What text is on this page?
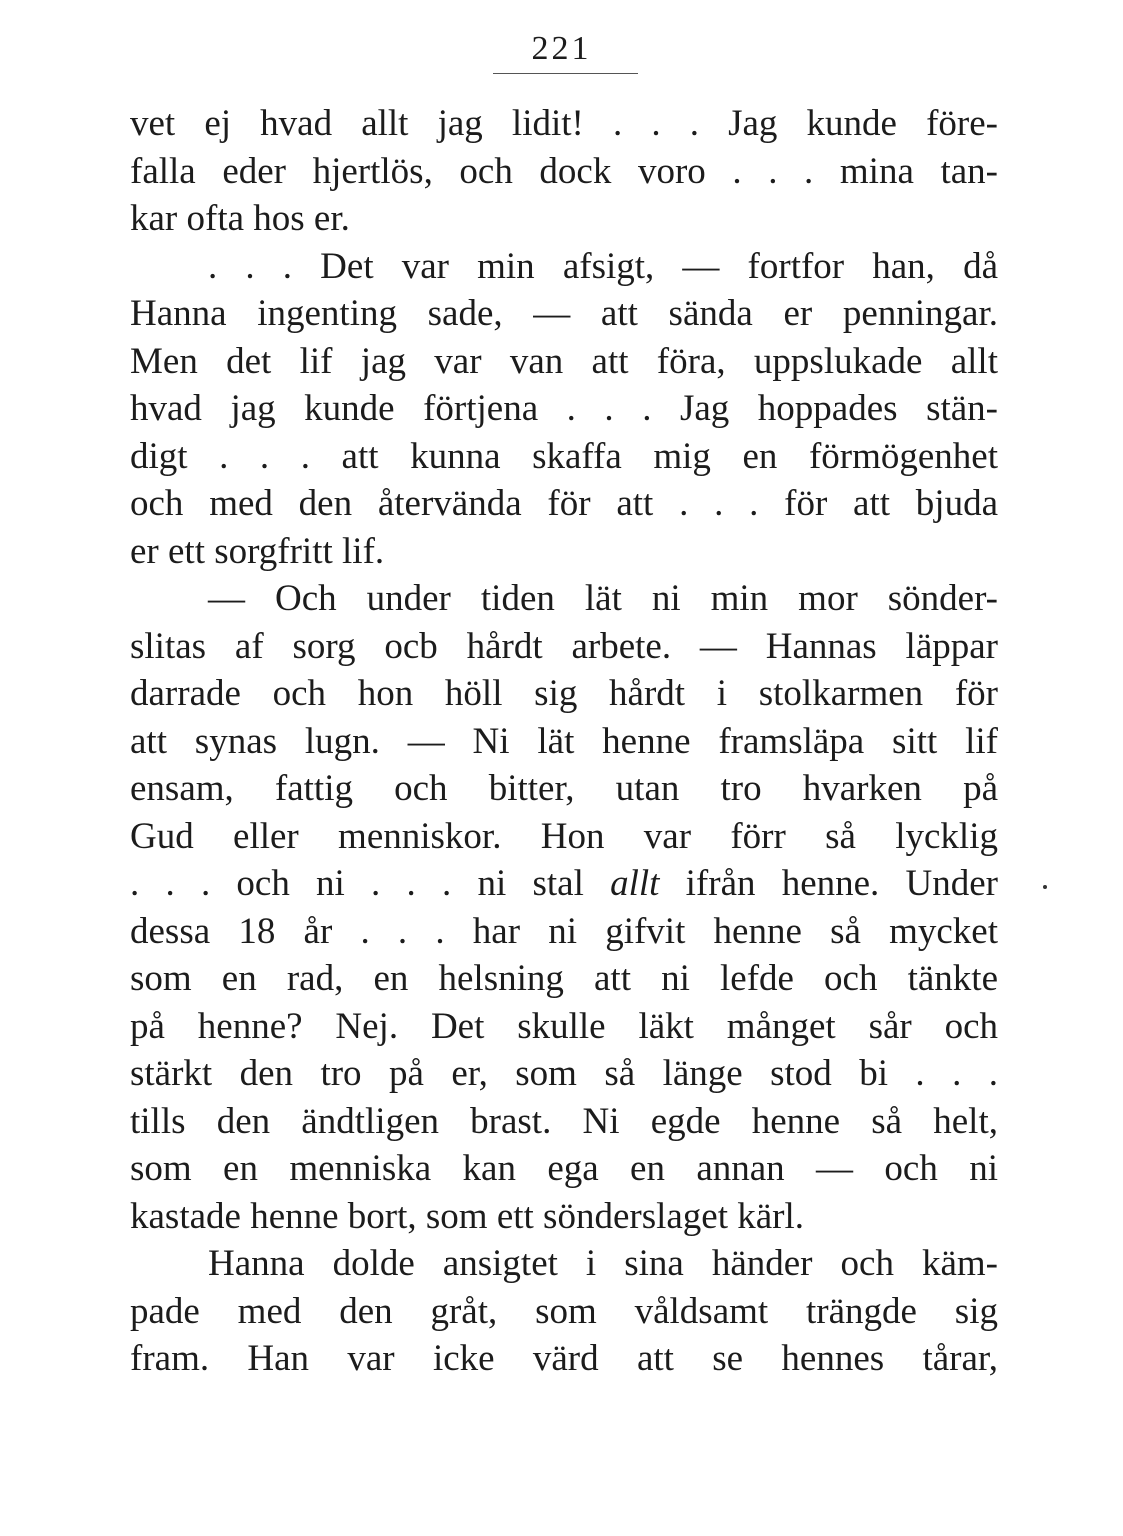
221
vet ej hvad allt jag lidit! . . . Jag kunde före-
falla eder hjertlös, och dock voro . . . mina tan-
kar ofta hos er.
. . . Det var min afsigt, — fortfor han, då
Hanna ingenting sade, — att sända er penningar.
Men det lif jag var van att föra, uppslukade allt
hvad jag kunde förtjena . . . Jag hoppades stän-
digt . . . att kunna skaffa mig en förmögenhet
och med den återvända för att . . . för att bjuda
er ett sorgfritt lif.
— Och under tiden lät ni min mor sönder-
slitas af sorg ocb hårdt arbete. — Hannas läppar
darrade och hon höll sig hårdt i stolkarmen för
att synas lugn. — Ni lät henne framsläpa sitt lif
ensam, fattig och bitter, utan tro hvarken på
Gud eller menniskor. Hon var förr så lycklig
. . . och ni . . . ni stal allt ifrån henne. Under
dessa 18 år . . . har ni gifvit henne så mycket
som en rad, en helsning att ni lefde och tänkte
på henne? Nej. Det skulle läkt månget sår och
stärkt den tro på er, som så länge stod bi . . .
tills den ändtligen brast. Ni egde henne så helt,
som en menniska kan ega en annan — och ni
kastade henne bort, som ett sönderslaget kärl.
Hanna dolde ansigtet i sina händer och käm-
pade med den gråt, som våldsamt trängde sig
fram. Han var icke värd att se hennes tårar,
